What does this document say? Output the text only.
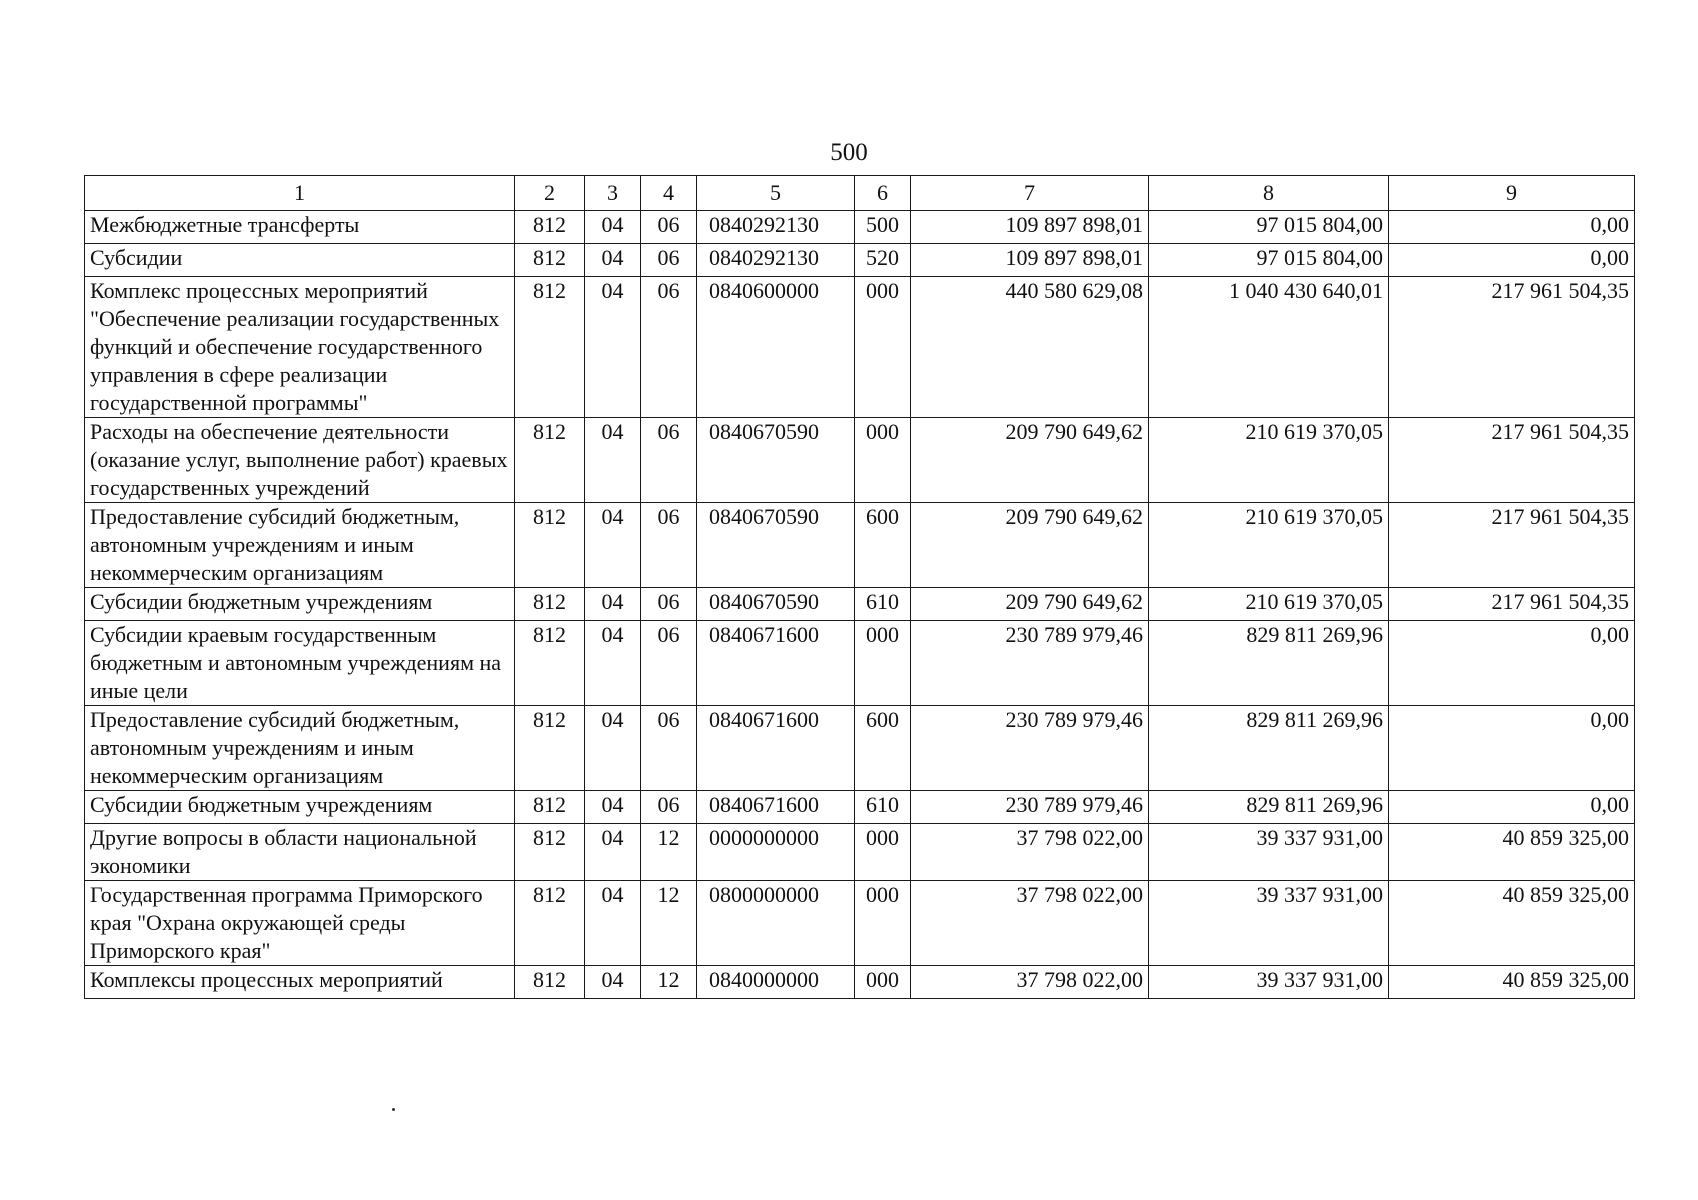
500
1	2	3	4	5	6	7	8	9
Межбюджетные трансферты	812	04	06	0840292130	500	109 897 898,01	97 015 804,00	0,00
Субсидии	812	04	06	0840292130	520	109 897 898,01	97 015 804,00	0,00
Комплекс процессных мероприятий "Обеспечение реализации государственных функций и обеспечение государственного управления в сфере реализации государственной программы"	812	04	06	0840600000	000	440 580 629,08	1 040 430 640,01	217 961 504,35
Расходы на обеспечение деятельности (оказание услуг, выполнение работ) краевых государственных учреждений	812	04	06	0840670590	000	209 790 649,62	210 619 370,05	217 961 504,35
Предоставление субсидий бюджетным, автономным учреждениям и иным некоммерческим организациям	812	04	06	0840670590	600	209 790 649,62	210 619 370,05	217 961 504,35
Субсидии бюджетным учреждениям	812	04	06	0840670590	610	209 790 649,62	210 619 370,05	217 961 504,35
Субсидии краевым государственным бюджетным и автономным учреждениям на иные цели	812	04	06	0840671600	000	230 789 979,46	829 811 269,96	0,00
Предоставление субсидий бюджетным, автономным учреждениям и иным некоммерческим организациям	812	04	06	0840671600	600	230 789 979,46	829 811 269,96	0,00
Субсидии бюджетным учреждениям	812	04	06	0840671600	610	230 789 979,46	829 811 269,96	0,00
Другие вопросы в области национальной экономики	812	04	12	0000000000	000	37 798 022,00	39 337 931,00	40 859 325,00
Государственная программа Приморского края "Охрана окружающей среды Приморского края"	812	04	12	0800000000	000	37 798 022,00	39 337 931,00	40 859 325,00
Комплексы процессных мероприятий	812	04	12	0840000000	000	37 798 022,00	39 337 931,00	40 859 325,00
